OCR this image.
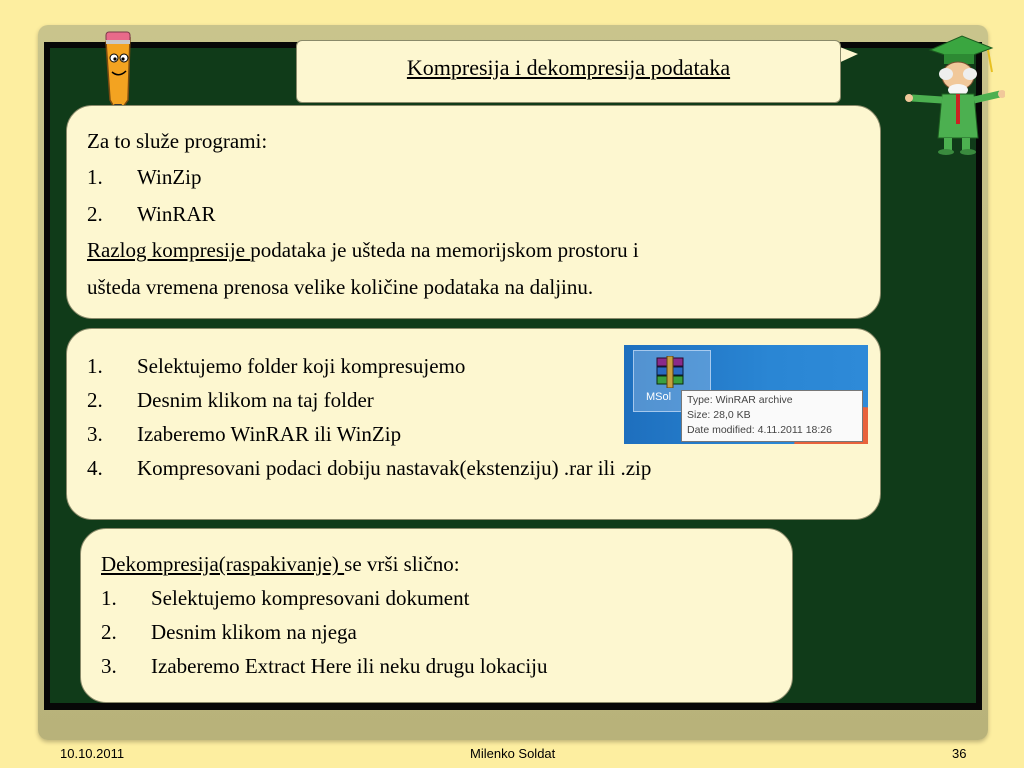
Kompresija i dekompresija podataka
Za to služe programi:
1. WinZip
2. WinRAR
Razlog kompresije podataka je ušteda na memorijskom prostoru i
ušteda vremena prenosa velike količine podataka na daljinu.
1. Selektujemo folder koji kompresujemo
2. Desnim klikom na taj folder
3. Izaberemo WinRAR ili WinZip
4. Kompresovani podaci dobiju nastavak(ekstenziju) .rar ili .zip
MSol Type: WinRAR archive
Size: 28,0 KB
Date modified: 4.11.2011 18:26
Dekompresija(raspakivanje) se vrši slično:
1. Selektujemo kompresovani dokument
2. Desnim klikom na njega
3. Izaberemo Extract Here ili neku drugu lokaciju
10.10.2011	Milenko Soldat	36
